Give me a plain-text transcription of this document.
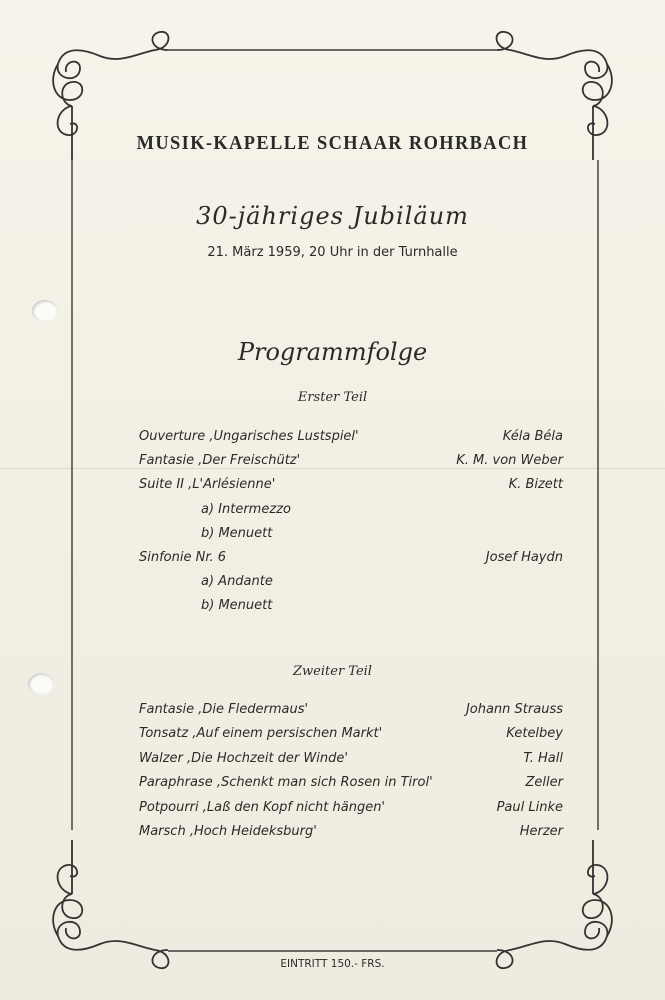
MUSIK-KAPELLE SCHAAR ROHRBACH
30-jähriges Jubiläum
21. März 1959, 20 Uhr in der Turnhalle
Programmfolge
Erster Teil
Ouverture ‚Ungarisches Lustspiel'	Kéla Béla
Fantasie ‚Der Freischütz'	K. M. von Weber
Suite II ‚L'Arlésienne'	K. Bizett
a) Intermezzo
b) Menuett
Sinfonie Nr. 6	Josef Haydn
a) Andante
b) Menuett
Zweiter Teil
Fantasie ‚Die Fledermaus'	Johann Strauss
Tonsatz ‚Auf einem persischen Markt'	Ketelbey
Walzer ‚Die Hochzeit der Winde'	T. Hall
Paraphrase ‚Schenkt man sich Rosen in Tirol'	Zeller
Potpourri ‚Laß den Kopf nicht hängen'	Paul Linke
Marsch ‚Hoch Heideksburg'	Herzer
EINTRITT 150.- FRS.
